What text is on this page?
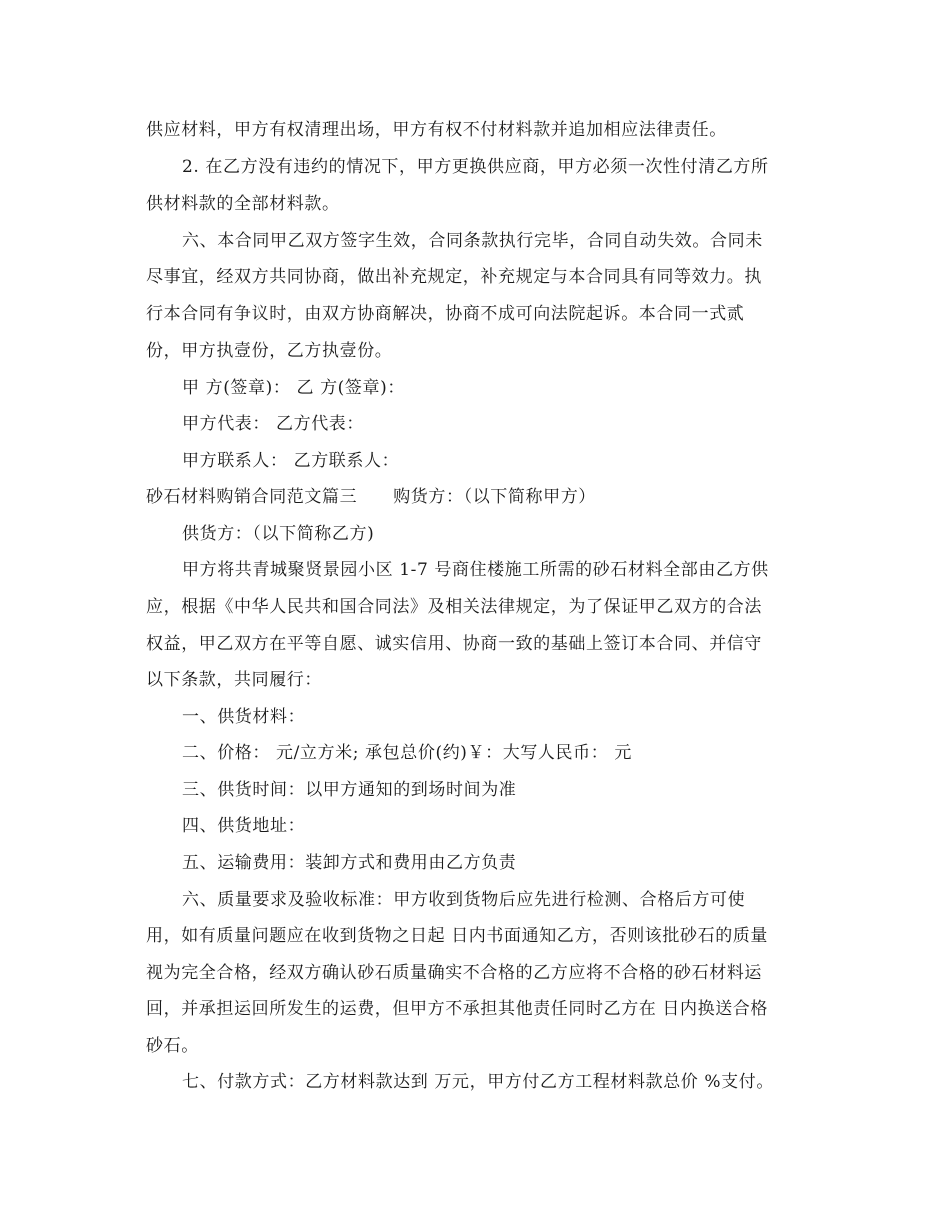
供应材料，甲方有权清理出场，甲方有权不付材料款并追加相应法律责任。
2. 在乙方没有违约的情况下，甲方更换供应商，甲方必须一次性付清乙方所
供材料款的全部材料款。
六、本合同甲乙双方签字生效，合同条款执行完毕，合同自动失效。合同未
尽事宜，经双方共同协商，做出补充规定，补充规定与本合同具有同等效力。执
行本合同有争议时，由双方协商解决，协商不成可向法院起诉。本合同一式贰
份，甲方执壹份，乙方执壹份。
甲 方(签章)： 乙 方(签章)：
甲方代表： 乙方代表：
甲方联系人： 乙方联系人：
砂石材料购销合同范文篇三 购货方：（以下简称甲方）
供货方：（以下简称乙方)
甲方将共青城聚贤景园小区 1-7 号商住楼施工所需的砂石材料全部由乙方供
应，根据《中华人民共和国合同法》及相关法律规定，为了保证甲乙双方的合法
权益，甲乙双方在平等自愿、诚实信用、协商一致的基础上签订本合同、并信守
以下条款，共同履行：
一、供货材料：
二、价格： 元/立方米; 承包总价(约)￥：大写人民币： 元
三、供货时间：以甲方通知的到场时间为准
四、供货地址：
五、运输费用：装卸方式和费用由乙方负责
六、质量要求及验收标准：甲方收到货物后应先进行检测、合格后方可使
用，如有质量问题应在收到货物之日起 日内书面通知乙方，否则该批砂石的质量
视为完全合格，经双方确认砂石质量确实不合格的乙方应将不合格的砂石材料运
回，并承担运回所发生的运费，但甲方不承担其他责任同时乙方在 日内换送合格
砂石。
七、付款方式：乙方材料款达到 万元，甲方付乙方工程材料款总价 %支付。
